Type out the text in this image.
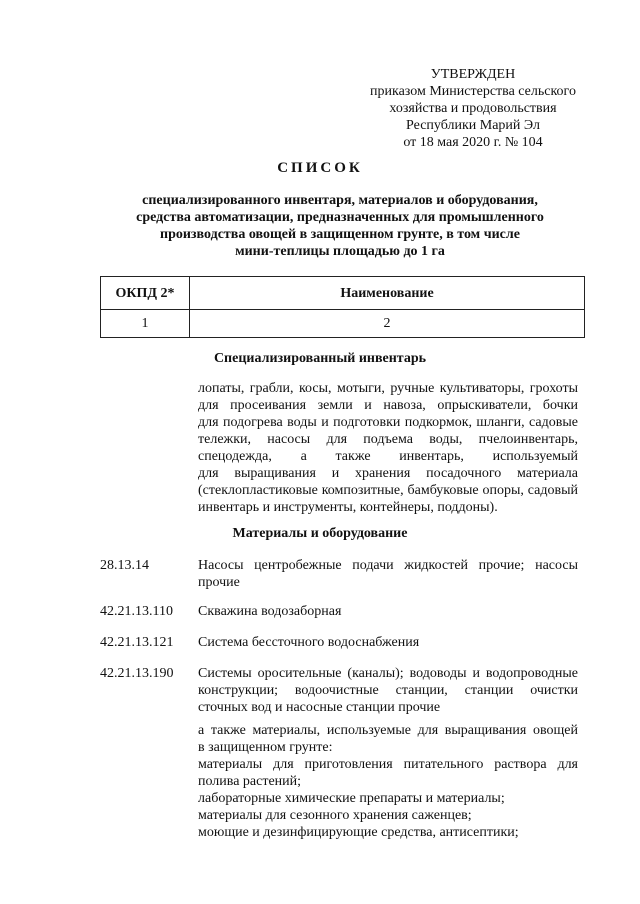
УТВЕРЖДЕН
приказом Министерства сельского
хозяйства и продовольствия
Республики Марий Эл
от 18 мая 2020 г. № 104
СПИСОК
специализированного инвентаря, материалов и оборудования,
средства автоматизации, предназначенных для промышленного
производства овощей в защищенном грунте, в том числе
мини-теплицы площадью до 1 га
ОКПД 2*	Наименование
1	2
Специализированный инвентарь
лопаты, грабли, косы, мотыги, ручные культиваторы, грохоты
для просеивания земли и навоза, опрыскиватели, бочки
для подогрева воды и подготовки подкормок, шланги, садовые
тележки, насосы для подъема воды, пчелоинвентарь,
спецодежда, а также инвентарь, используемый
для выращивания и хранения посадочного материала
(стеклопластиковые композитные, бамбуковые опоры, садовый
инвентарь и инструменты, контейнеры, поддоны).
Материалы и оборудование
28.13.14	Насосы центробежные подачи жидкостей прочие; насосы
прочие
42.21.13.110 Скважина водозаборная
42.21.13.121 Система бессточного водоснабжения
42.21.13.190 Системы оросительные (каналы); водоводы и водопроводные
конструкции; водоочистные станции, станции очистки
сточных вод и насосные станции прочие
а также материалы, используемые для выращивания овощей
в защищенном грунте:
материалы для приготовления питательного раствора для
полива растений;
лабораторные химические препараты и материалы;
материалы для сезонного хранения саженцев;
моющие и дезинфицирующие средства, антисептики;
